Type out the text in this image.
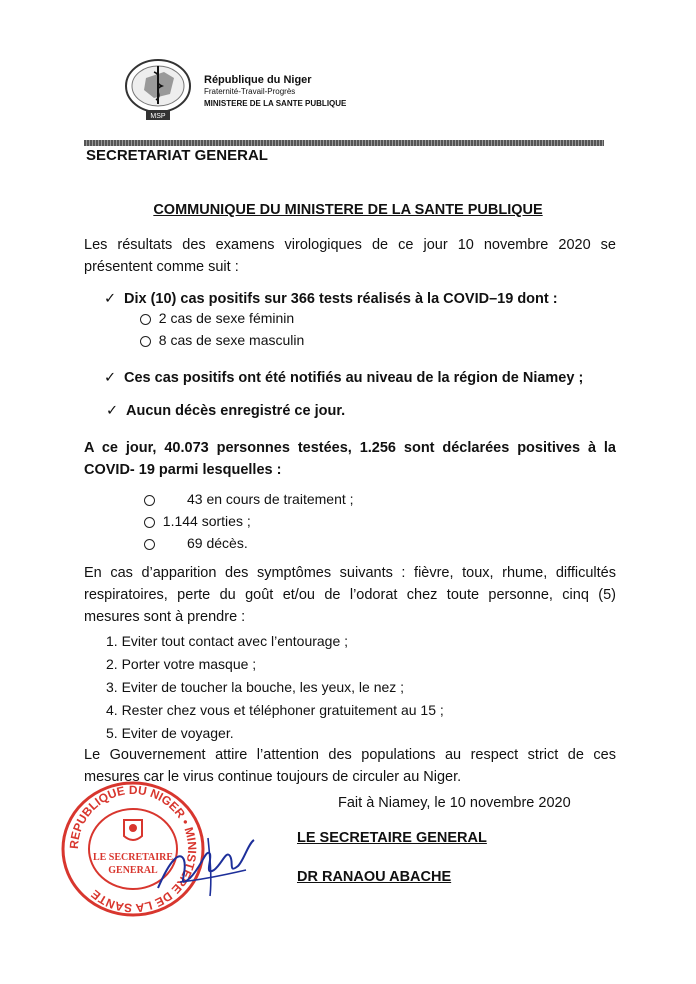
MSP
République du Niger
Fraternité-Travail-Progrès
MINISTERE DE LA SANTE PUBLIQUE
SECRETARIAT GENERAL
COMMUNIQUE DU MINISTERE DE LA SANTE PUBLIQUE
Les résultats des examens virologiques de ce jour 10 novembre 2020 se présentent comme suit :
✓ Dix (10) cas positifs sur 366 tests réalisés à la COVID–19 dont :
2 cas de sexe féminin
8 cas de sexe masculin
✓ Ces cas positifs ont été notifiés au niveau de la région de Niamey ;
✓ Aucun décès enregistré ce jour.
A ce jour, 40.073 personnes testées, 1.256 sont déclarées positives à la COVID- 19 parmi lesquelles :
43 en cours de traitement ;
1.144 sorties ;
69 décès.
En cas d’apparition des symptômes suivants : fièvre, toux, rhume, difficultés respiratoires, perte du goût et/ou de l’odorat chez toute personne, cinq (5) mesures sont à prendre :
1. Eviter tout contact avec l’entourage ;
2. Porter votre masque ;
3. Eviter de toucher la bouche, les yeux, le nez ;
4. Rester chez vous et téléphoner gratuitement au 15 ;
5. Eviter de voyager.
Le Gouvernement attire l’attention des populations au respect strict de ces mesures car le virus continue toujours de circuler au Niger.
Fait à Niamey, le 10 novembre 2020
LE SECRETAIRE GENERAL
DR RANAOU ABACHE
REPUBLIQUE DU NIGER • MINISTERE DE LA SANTE
LE SECRETAIRE
GENERAL
